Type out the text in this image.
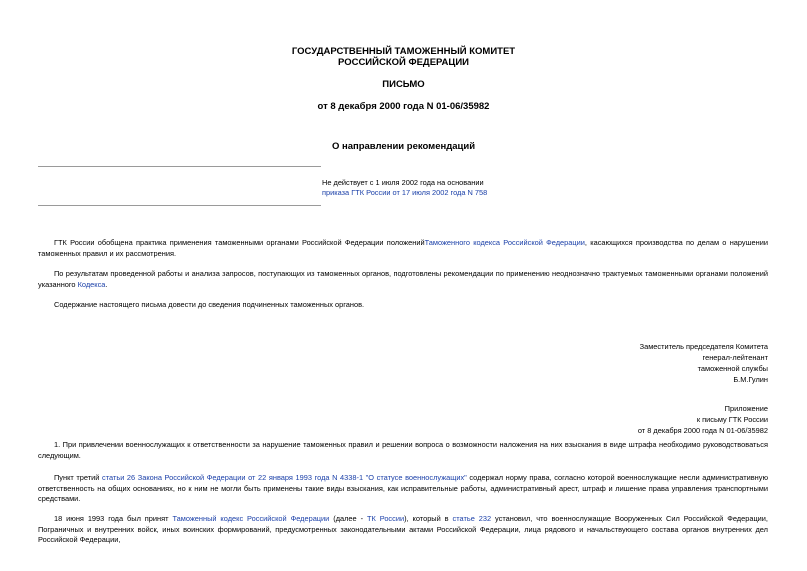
ГОСУДАРСТВЕННЫЙ ТАМОЖЕННЫЙ КОМИТЕТ
РОССИЙСКОЙ ФЕДЕРАЦИИ
ПИСЬМО
от 8 декабря 2000 года N 01-06/35982
О направлении рекомендаций
Не действует с 1 июля 2002 года на основании
приказа ГТК России от 17 июля 2002 года N 758
ГТК России обобщена практика применения таможенными органами Российской Федерации положенийТаможенного кодекса Российской Федерации, касающихся производства по делам о нарушении таможенных правил и их рассмотрения.
По результатам проведенной работы и анализа запросов, поступающих из таможенных органов, подготовлены рекомендации по применению неоднозначно трактуемых таможенными органами положений указанного Кодекса.
Содержание настоящего письма довести до сведения подчиненных таможенных органов.
Заместитель председателя Комитета
генерал-лейтенант
таможенной службы
Б.М.Гулин
Приложение
к письму ГТК России
от 8 декабря 2000 года N 01-06/35982
1. При привлечении военнослужащих к ответственности за нарушение таможенных правил и решении вопроса о возможности наложения на них взыскания в виде штрафа необходимо руководствоваться следующим.
Пункт третий статьи 26 Закона Российской Федерации от 22 января 1993 года N 4338-1 "О статусе военнослужащих" содержал норму права, согласно которой военнослужащие несли административную ответственность на общих основаниях, но к ним не могли быть применены такие виды взыскания, как исправительные работы, административный арест, штраф и лишение права управления транспортными средствами.
18 июня 1993 года был принят Таможенный кодекс Российской Федерации (далее - ТК России), который в статье 232 установил, что военнослужащие Вооруженных Сил Российской Федерации, Пограничных и внутренних войск, иных воинских формирований, предусмотренных законодательными актами Российской Федерации, лица рядового и начальствующего состава органов внутренних дел Российской Федерации,
